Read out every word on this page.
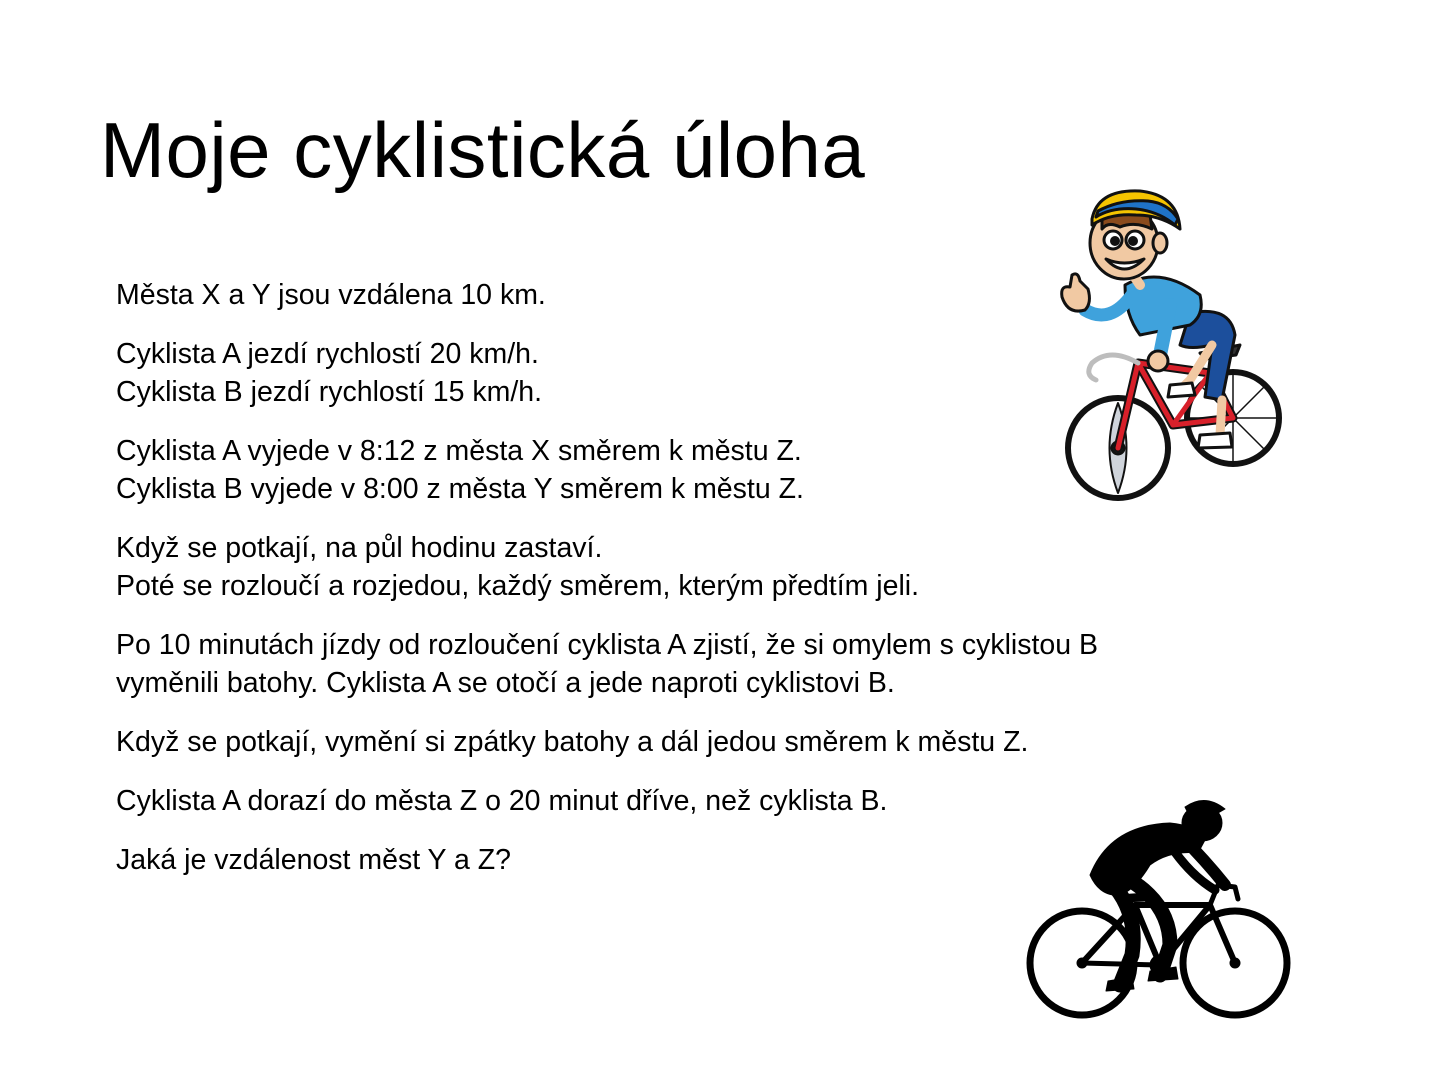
Moje cyklistická úloha

Města X a Y jsou vzdálena 10 km.

Cyklista A jezdí rychlostí 20 km/h.
Cyklista B jezdí rychlostí 15 km/h.

Cyklista A vyjede v 8:12 z města X směrem k městu Z.
Cyklista B vyjede v 8:00 z města Y směrem k městu Z.

Když se potkají, na půl hodinu zastaví.
Poté se rozloučí a rozjedou, každý směrem, kterým předtím jeli.

Po 10 minutách jízdy od rozloučení cyklista A zjistí, že si omylem s cyklistou B
vyměnili batohy. Cyklista A se otočí a jede naproti cyklistovi B.

Když se potkají, vymění si zpátky batohy a dál jedou směrem k městu Z.

Cyklista A dorazí do města Z o 20 minut dříve, než cyklista B.

Jaká je vzdálenost měst Y a Z?
